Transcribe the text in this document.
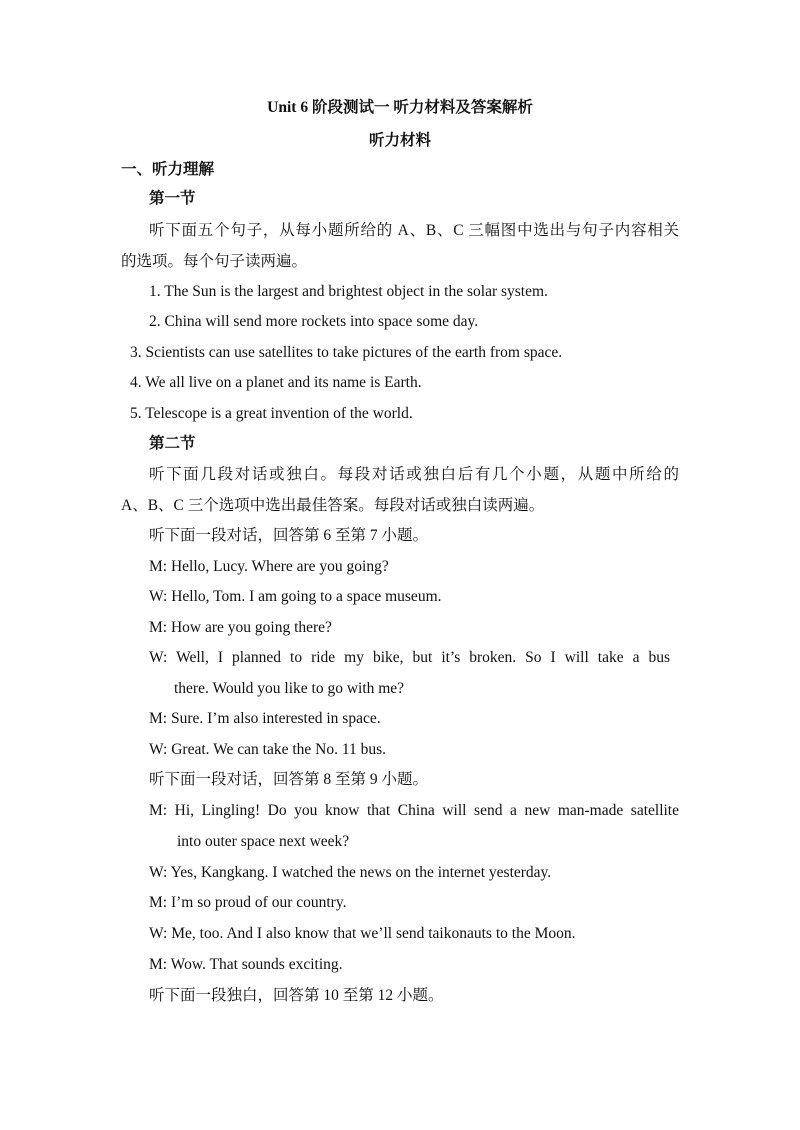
Unit 6 阶段测试一 听力材料及答案解析
听力材料
一、听力理解
第一节
听下面五个句子，从每小题所给的 A、B、C 三幅图中选出与句子内容相关
的选项。每个句子读两遍。
1. The Sun is the largest and brightest object in the solar system.
2. China will send more rockets into space some day.
3. Scientists can use satellites to take pictures of the earth from space.
4. We all live on a planet and its name is Earth.
5. Telescope is a great invention of the world.
第二节
听下面几段对话或独白。每段对话或独白后有几个小题，从题中所给的
A、B、C 三个选项中选出最佳答案。每段对话或独白读两遍。
听下面一段对话，回答第 6 至第 7 小题。
M: Hello, Lucy. Where are you going?
W: Hello, Tom. I am going to a space museum.
M: How are you going there?
W: Well, I planned to ride my bike, but it’s broken. So I will take a bus
there. Would you like to go with me?
M: Sure. I’m also interested in space.
W: Great. We can take the No. 11 bus.
听下面一段对话，回答第 8 至第 9 小题。
M: Hi, Lingling! Do you know that China will send a new man-made satellite
into outer space next week?
W: Yes, Kangkang. I watched the news on the internet yesterday.
M: I’m so proud of our country.
W: Me, too. And I also know that we’ll send taikonauts to the Moon.
M: Wow. That sounds exciting.
听下面一段独白，回答第 10 至第 12 小题。
